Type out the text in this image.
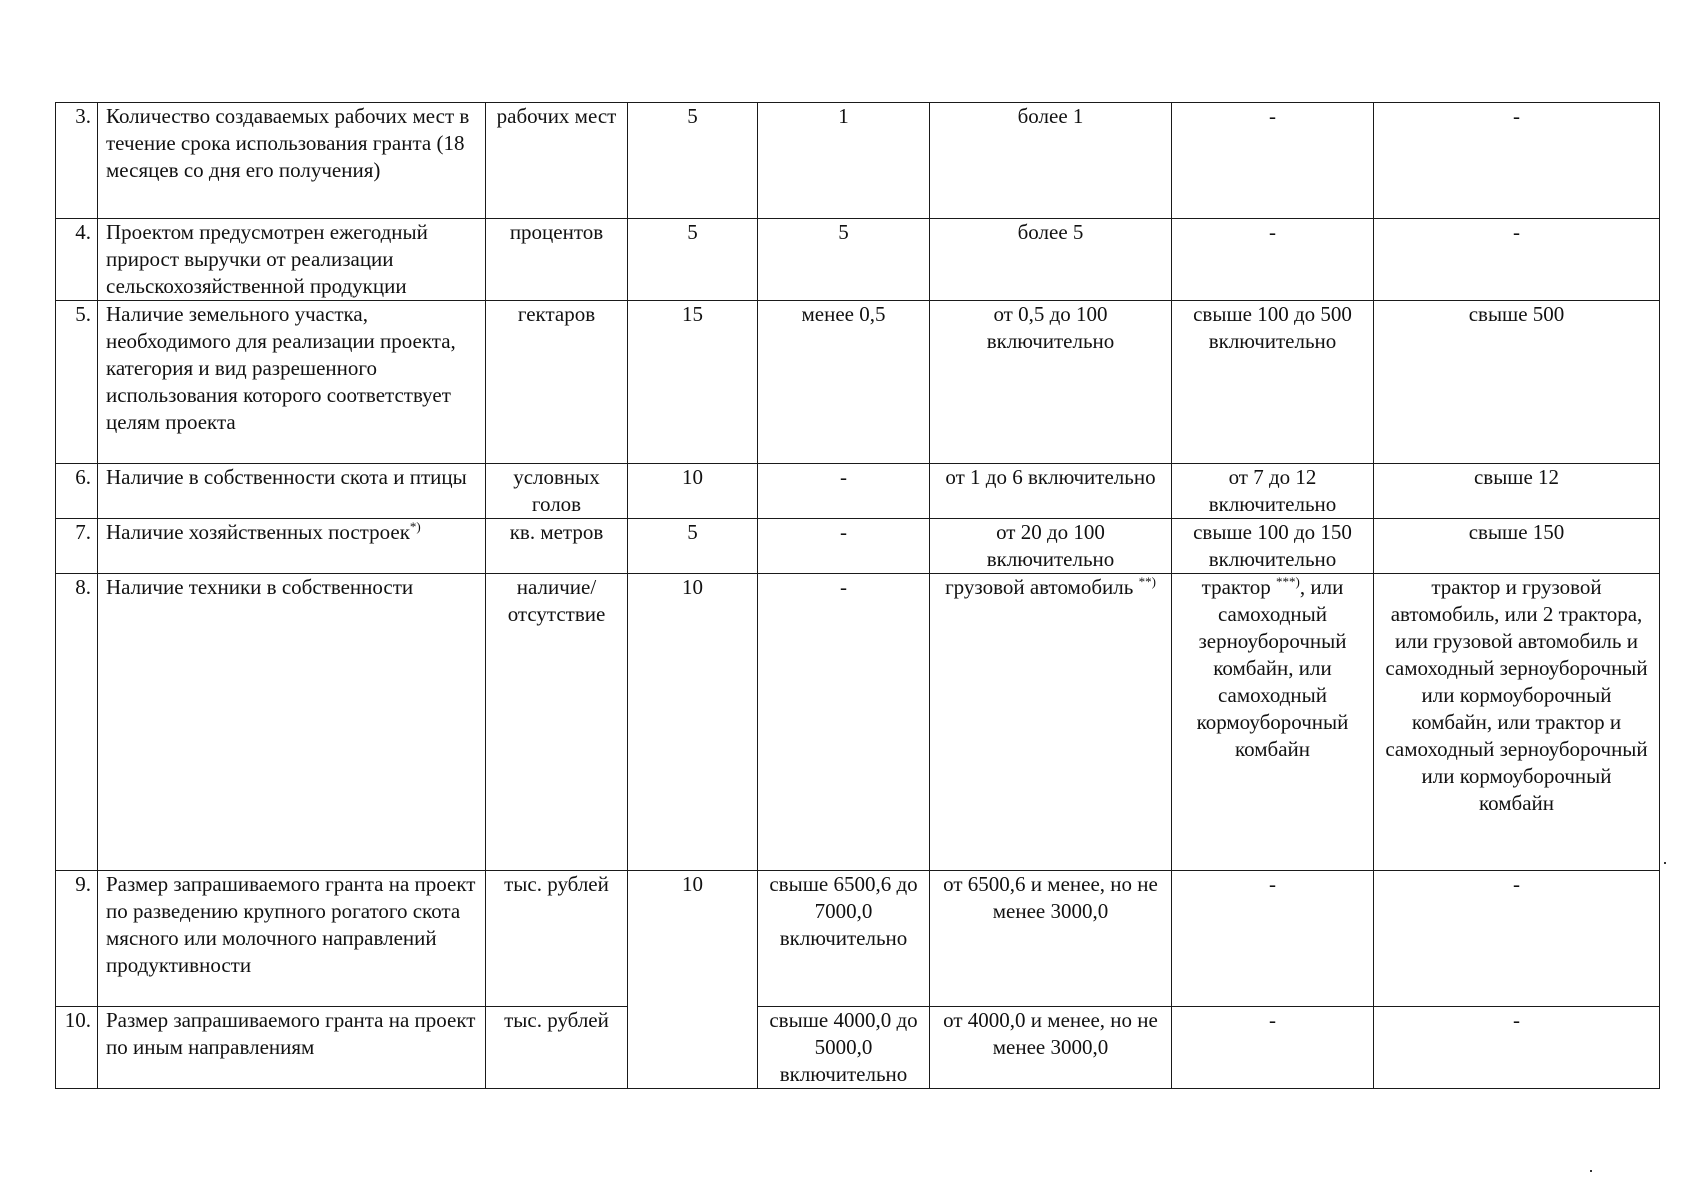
3.	Количество создаваемых рабочих мест в течение срока использования гранта (18 месяцев со дня его получения)	рабочих мест	5	1	более 1	-	-
4.	Проектом предусмотрен ежегодный прирост выручки от реализации сельскохозяйственной продукции	процентов	5	5	более 5	-	-
5.	Наличие земельного участка, необходимого для реализации проекта, категория и вид разрешенного использования которого соответствует целям проекта	гектаров	15	менее 0,5	от 0,5 до 100 включительно	свыше 100 до 500 включительно	свыше 500
6.	Наличие в собственности скота и птицы	условных голов	10	-	от 1 до 6 включительно	от 7 до 12 включительно	свыше 12
7.	Наличие хозяйственных построек*)	кв. метров	5	-	от 20 до 100 включительно	свыше 100 до 150 включительно	свыше 150
8.	Наличие техники в собственности	наличие/ отсутствие	10	-	грузовой автомобиль **)	трактор ***), или самоходный зерноуборочный комбайн, или самоходный кормоуборочный комбайн	трактор и грузовой автомобиль, или 2 трактора, или грузовой автомобиль и самоходный зерноуборочный или кормоуборочный комбайн, или трактор и самоходный зерноуборочный или кормоуборочный комбайн
9.	Размер запрашиваемого гранта на проект по разведению крупного рогатого скота мясного или молочного направлений продуктивности	тыс. рублей	10	свыше 6500,6 до 7000,0 включительно	от 6500,6 и менее, но не менее 3000,0	-	-
10.	Размер запрашиваемого гранта на проект по иным направлениям	тыс. рублей		свыше 4000,0 до 5000,0 включительно	от 4000,0 и менее, но не менее 3000,0	-	-
